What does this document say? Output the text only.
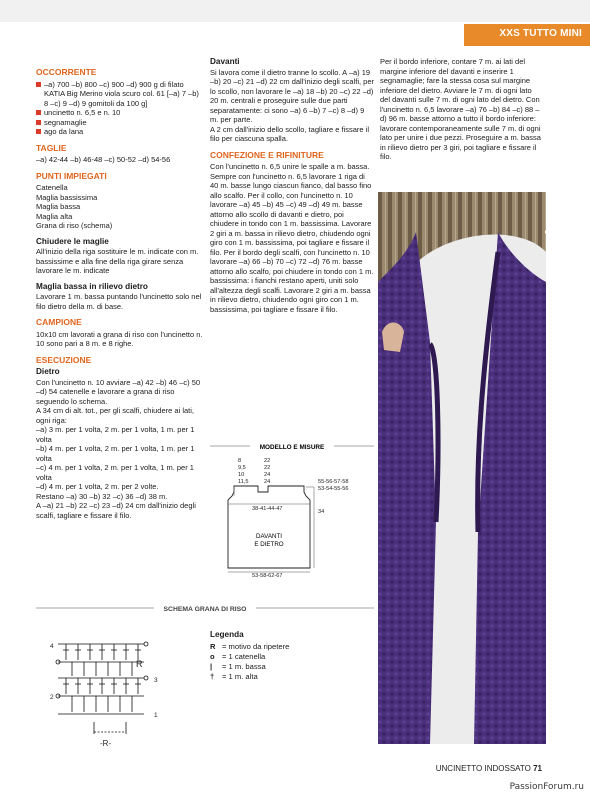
XXS TUTTO MINI
OCCORRENTE
–a) 700 –b) 800 –c) 900 –d) 900 g di filato KATIA Big Merino viola scuro col. 61 [–a) 7 –b) 8 –c) 9 –d) 9 gomitoli da 100 g]
uncinetto n. 6,5 e n. 10
segnamaglie
ago da lana
TAGLIE

–a) 42-44 –b) 46-48 –c) 50-52 –d) 54-56

PUNTI IMPIEGATI

Catenella

Maglia bassissima

Maglia bassa

Maglia alta

Grana di riso (schema)

Chiudere le maglie

All'inizio della riga sostituire le m. indicate con m. bassissime e alla fine della riga girare senza lavorare le m. indicate

Maglia bassa in rilievo dietro

Lavorare 1 m. bassa puntando l'uncinetto solo nel filo dietro della m. di base.

CAMPIONE

10x10 cm lavorati a grana di riso con l'uncinetto n. 10 sono pari a 8 m. e 8 righe.

ESECUZIONE
Dietro

Con l'uncinetto n. 10 avviare –a) 42 –b) 46 –c) 50 –d) 54 catenelle e lavorare a grana di riso seguendo lo schema.

A 34 cm di alt. tot., per gli scalfi, chiudere ai lati, ogni riga:

–a) 3 m. per 1 volta, 2 m. per 1 volta, 1 m. per 1 volta

–b) 4 m. per 1 volta, 2 m. per 1 volta, 1 m. per 1 volta

–c) 4 m. per 1 volta, 2 m. per 1 volta, 1 m. per 1 volta

–d) 4 m. per 1 volta, 2 m. per 2 volte.

Restano –a) 30 –b) 32 –c) 36 –d) 38 m.

A –a) 21 –b) 22 –c) 23 –d) 24 cm dall'inizio degli scalfi, tagliare e fissare il filo.

Davanti

Si lavora come il dietro tranne lo scollo. A –a) 19 –b) 20 –c) 21 –d) 22 cm dall'inizio degli scalfi, per lo scollo, non lavorare le –a) 18 –b) 20 –c) 22 –d) 20 m. centrali e proseguire sulle due parti separatamente: ci sono –a) 6 –b) 7 –c) 8 –d) 9 m. per parte.

A 2 cm dall'inizio dello scollo, tagliare e fissare il filo per ciascuna spalla.

CONFEZIONE E RIFINITURE

Con l'uncinetto n. 6,5 unire le spalle a m. bassa. Sempre con l'uncinetto n. 6,5 lavorare 1 riga di 40 m. basse lungo ciascun fianco, dal basso fino allo scalfo. Per il collo, con l'uncinetto n. 10 lavorare –a) 45 –b) 45 –c) 49 –d) 49 m. basse attorno allo scollo di davanti e dietro, poi chiudere in tondo con 1 m. bassissima. Lavorare 2 giri a m. bassa in rilievo dietro, chiudendo ogni giro con 1 m. bassissima, poi tagliare e fissare il filo. Per il bordo degli scalfi, con l'uncinetto n. 10 lavorare –a) 66 –b) 70 –c) 72 –d) 76 m. basse attorno allo scalfo, poi chiudere in tondo con 1 m. bassissima: i fianchi restano aperti, uniti solo all'altezza degli scalfi. Lavorare 2 giri a m. bassa in rilievo dietro, chiudendo ogni giro con 1 m. bassissima, poi tagliare e fissare il filo.

MODELLO E MISURE
8
9,5
10
11,5
22
22
24
24	55-56-57-58
53-54-55-56
38-41-44-47	34
53-58-62-67
DAVANTI
E DIETRO

Per il bordo inferiore, contare 7 m. ai lati del margine inferiore del davanti e inserire 1 segnamaglie; fare la stessa cosa sul margine inferiore del dietro. Avviare le 7 m. di ogni lato del davanti sulle 7 m. di ogni lato del dietro. Con l'uncinetto n. 6,5 lavorare –a) 76 –b) 84 –c) 88 –d) 96 m. basse attorno a tutto il bordo inferiore: lavorare contemporaneamente sulle 7 m. di ogni lato per unire i due pezzi. Proseguire a m. bassa in rilievo dietro per 3 giri, poi tagliare e fissare il filo.

SCHEMA GRANA DI RISO
4
3
2
1
R
-R-
Legenda
R = motivo da ripetere
o = 1 catenella
| = 1 m. bassa
† = 1 m. alta
UNCINETTO INDOSSATO 71
PassionForum.ru
